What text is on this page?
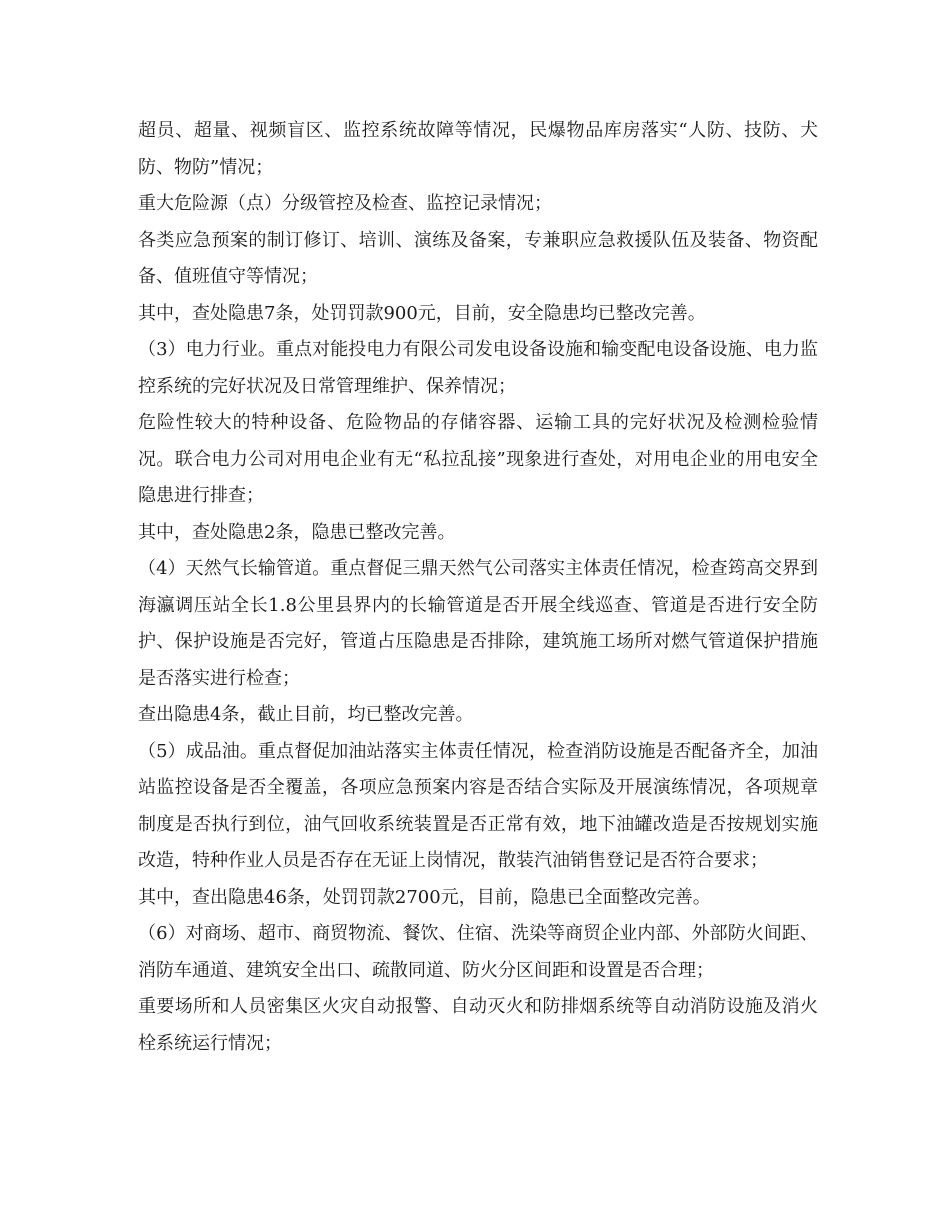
超员、超量、视频盲区、监控系统故障等情况，民爆物品库房落实“人防、技防、犬防、物防”情况；

重大危险源（点）分级管控及检查、监控记录情况；

各类应急预案的制订修订、培训、演练及备案，专兼职应急救援队伍及装备、物资配备、值班值守等情况；

其中，查处隐患7条，处罚罚款900元，目前，安全隐患均已整改完善。

（3）电力行业。重点对能投电力有限公司发电设备设施和输变配电设备设施、电力监控系统的完好状况及日常管理维护、保养情况；

危险性较大的特种设备、危险物品的存储容器、运输工具的完好状况及检测检验情况。联合电力公司对用电企业有无“私拉乱接”现象进行查处，对用电企业的用电安全隐患进行排查；

其中，查处隐患2条，隐患已整改完善。

（4）天然气长输管道。重点督促三鼎天然气公司落实主体责任情况，检查筠高交界到海瀛调压站全长1.8公里县界内的长输管道是否开展全线巡查、管道是否进行安全防护、保护设施是否完好，管道占压隐患是否排除，建筑施工场所对燃气管道保护措施是否落实进行检查；

查出隐患4条，截止目前，均已整改完善。

（5）成品油。重点督促加油站落实主体责任情况，检查消防设施是否配备齐全，加油站监控设备是否全覆盖，各项应急预案内容是否结合实际及开展演练情况，各项规章制度是否执行到位，油气回收系统装置是否正常有效，地下油罐改造是否按规划实施改造，特种作业人员是否存在无证上岗情况，散装汽油销售登记是否符合要求；

其中，查出隐患46条，处罚罚款2700元，目前，隐患已全面整改完善。

（6）对商场、超市、商贸物流、餐饮、住宿、洗染等商贸企业内部、外部防火间距、消防车通道、建筑安全出口、疏散同道、防火分区间距和设置是否合理；

重要场所和人员密集区火灾自动报警、自动灭火和防排烟系统等自动消防设施及消火栓系统运行情况；
